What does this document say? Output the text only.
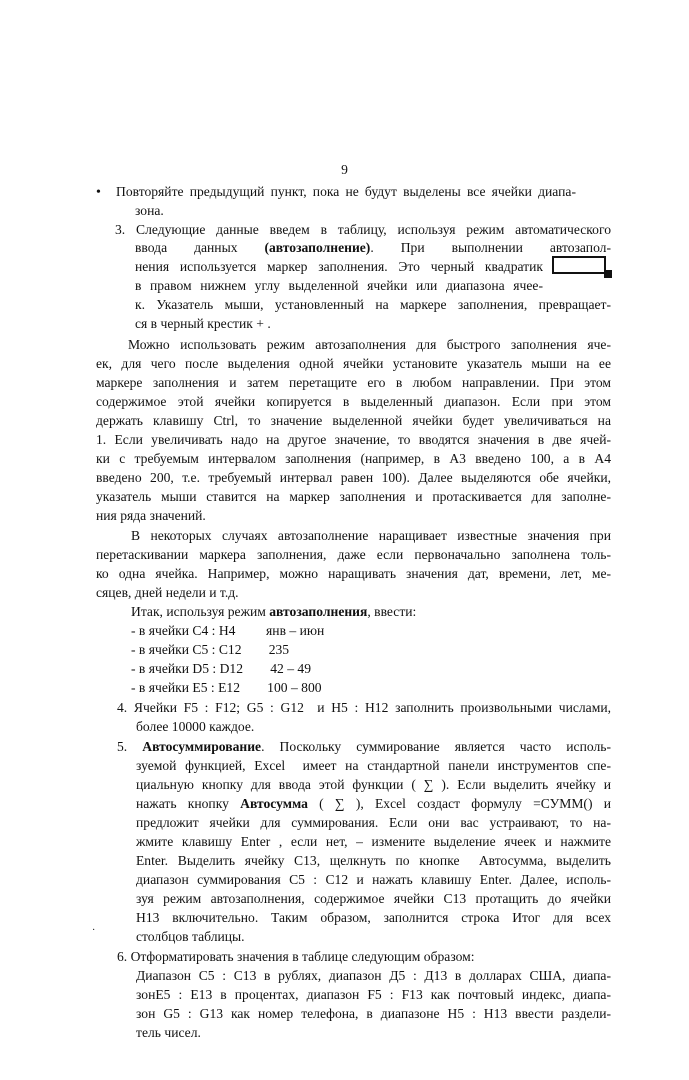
9
•
·
Повторяйте предыдущий пункт, пока не будут выделены все ячейки диапа-
зона.
3. Следующие данные введем в таблицу, используя режим автоматического
ввода данных (автозаполнение). При выполнении автозапол-
нения используется маркер заполнения. Это черный квадратик
в правом нижнем углу выделенной ячейки или диапазона ячее-
к. Указатель мыши, установленный на маркере заполнения, превращает-
ся в черный крестик + .
Можно использовать режим автозаполнения для быстрого заполнения яче-
ек, для чего после выделения одной ячейки установите указатель мыши на ее
маркере заполнения и затем перетащите его в любом направлении. При этом
содержимое этой ячейки копируется в выделенный диапазон. Если при этом
держать клавишу Ctrl, то значение выделенной ячейки будет увеличиваться на
1. Если увеличивать надо на другое значение, то вводятся значения в две ячей-
ки с требуемым интервалом заполнения (например, в А3 введено 100, а в А4
введено 200, т.е. требуемый интервал равен 100). Далее выделяются обе ячейки,
указатель мыши ставится на маркер заполнения и протаскивается для заполне-
ния ряда значений.
В некоторых случаях автозаполнение наращивает известные значения при
перетаскивании маркера заполнения, даже если первоначально заполнена толь-
ко одна ячейка. Например, можно наращивать значения дат, времени, лет, ме-
сяцев, дней недели и т.д.
Итак, используя режим автозаполнения, ввести:
- в ячейки С4 : Н4         янв – июн
- в ячейки С5 : С12        235
- в ячейки D5 : D12        42 – 49
- в ячейки Е5 : Е12        100 – 800
4. Ячейки F5 : F12; G5 : G12  и Н5 : Н12 заполнить произвольными числами,
более 10000 каждое.
5. Автосуммирование. Поскольку суммирование является часто исполь-
зуемой функцией, Excel  имеет на стандартной панели инструментов спе-
циальную кнопку для ввода этой функции ( ∑ ). Если выделить ячейку и
нажать кнопку Автосумма ( ∑ ), Excel создаст формулу =СУММ() и
предложит ячейки для суммирования. Если они вас устраивают, то на-
жмите клавишу Enter , если нет, – измените выделение ячеек и нажмите
Enter. Выделить ячейку С13, щелкнуть по кнопке  Автосумма, выделить
диапазон суммирования С5 : С12 и нажать клавишу Enter. Далее, исполь-
зуя режим автозаполнения, содержимое ячейки С13 протащить до ячейки
Н13 включительно. Таким образом, заполнится строка Итог для всех
столбцов таблицы.
6. Отформатировать значения в таблице следующим образом:
Диапазон С5 : С13 в рублях, диапазон Д5 : Д13 в долларах США, диапа-
зонЕ5 : Е13 в процентах, диапазон F5 : F13 как почтовый индекс, диапа-
зон G5 : G13 как номер телефона, в диапазоне Н5 : Н13 ввести раздели-
тель чисел.
